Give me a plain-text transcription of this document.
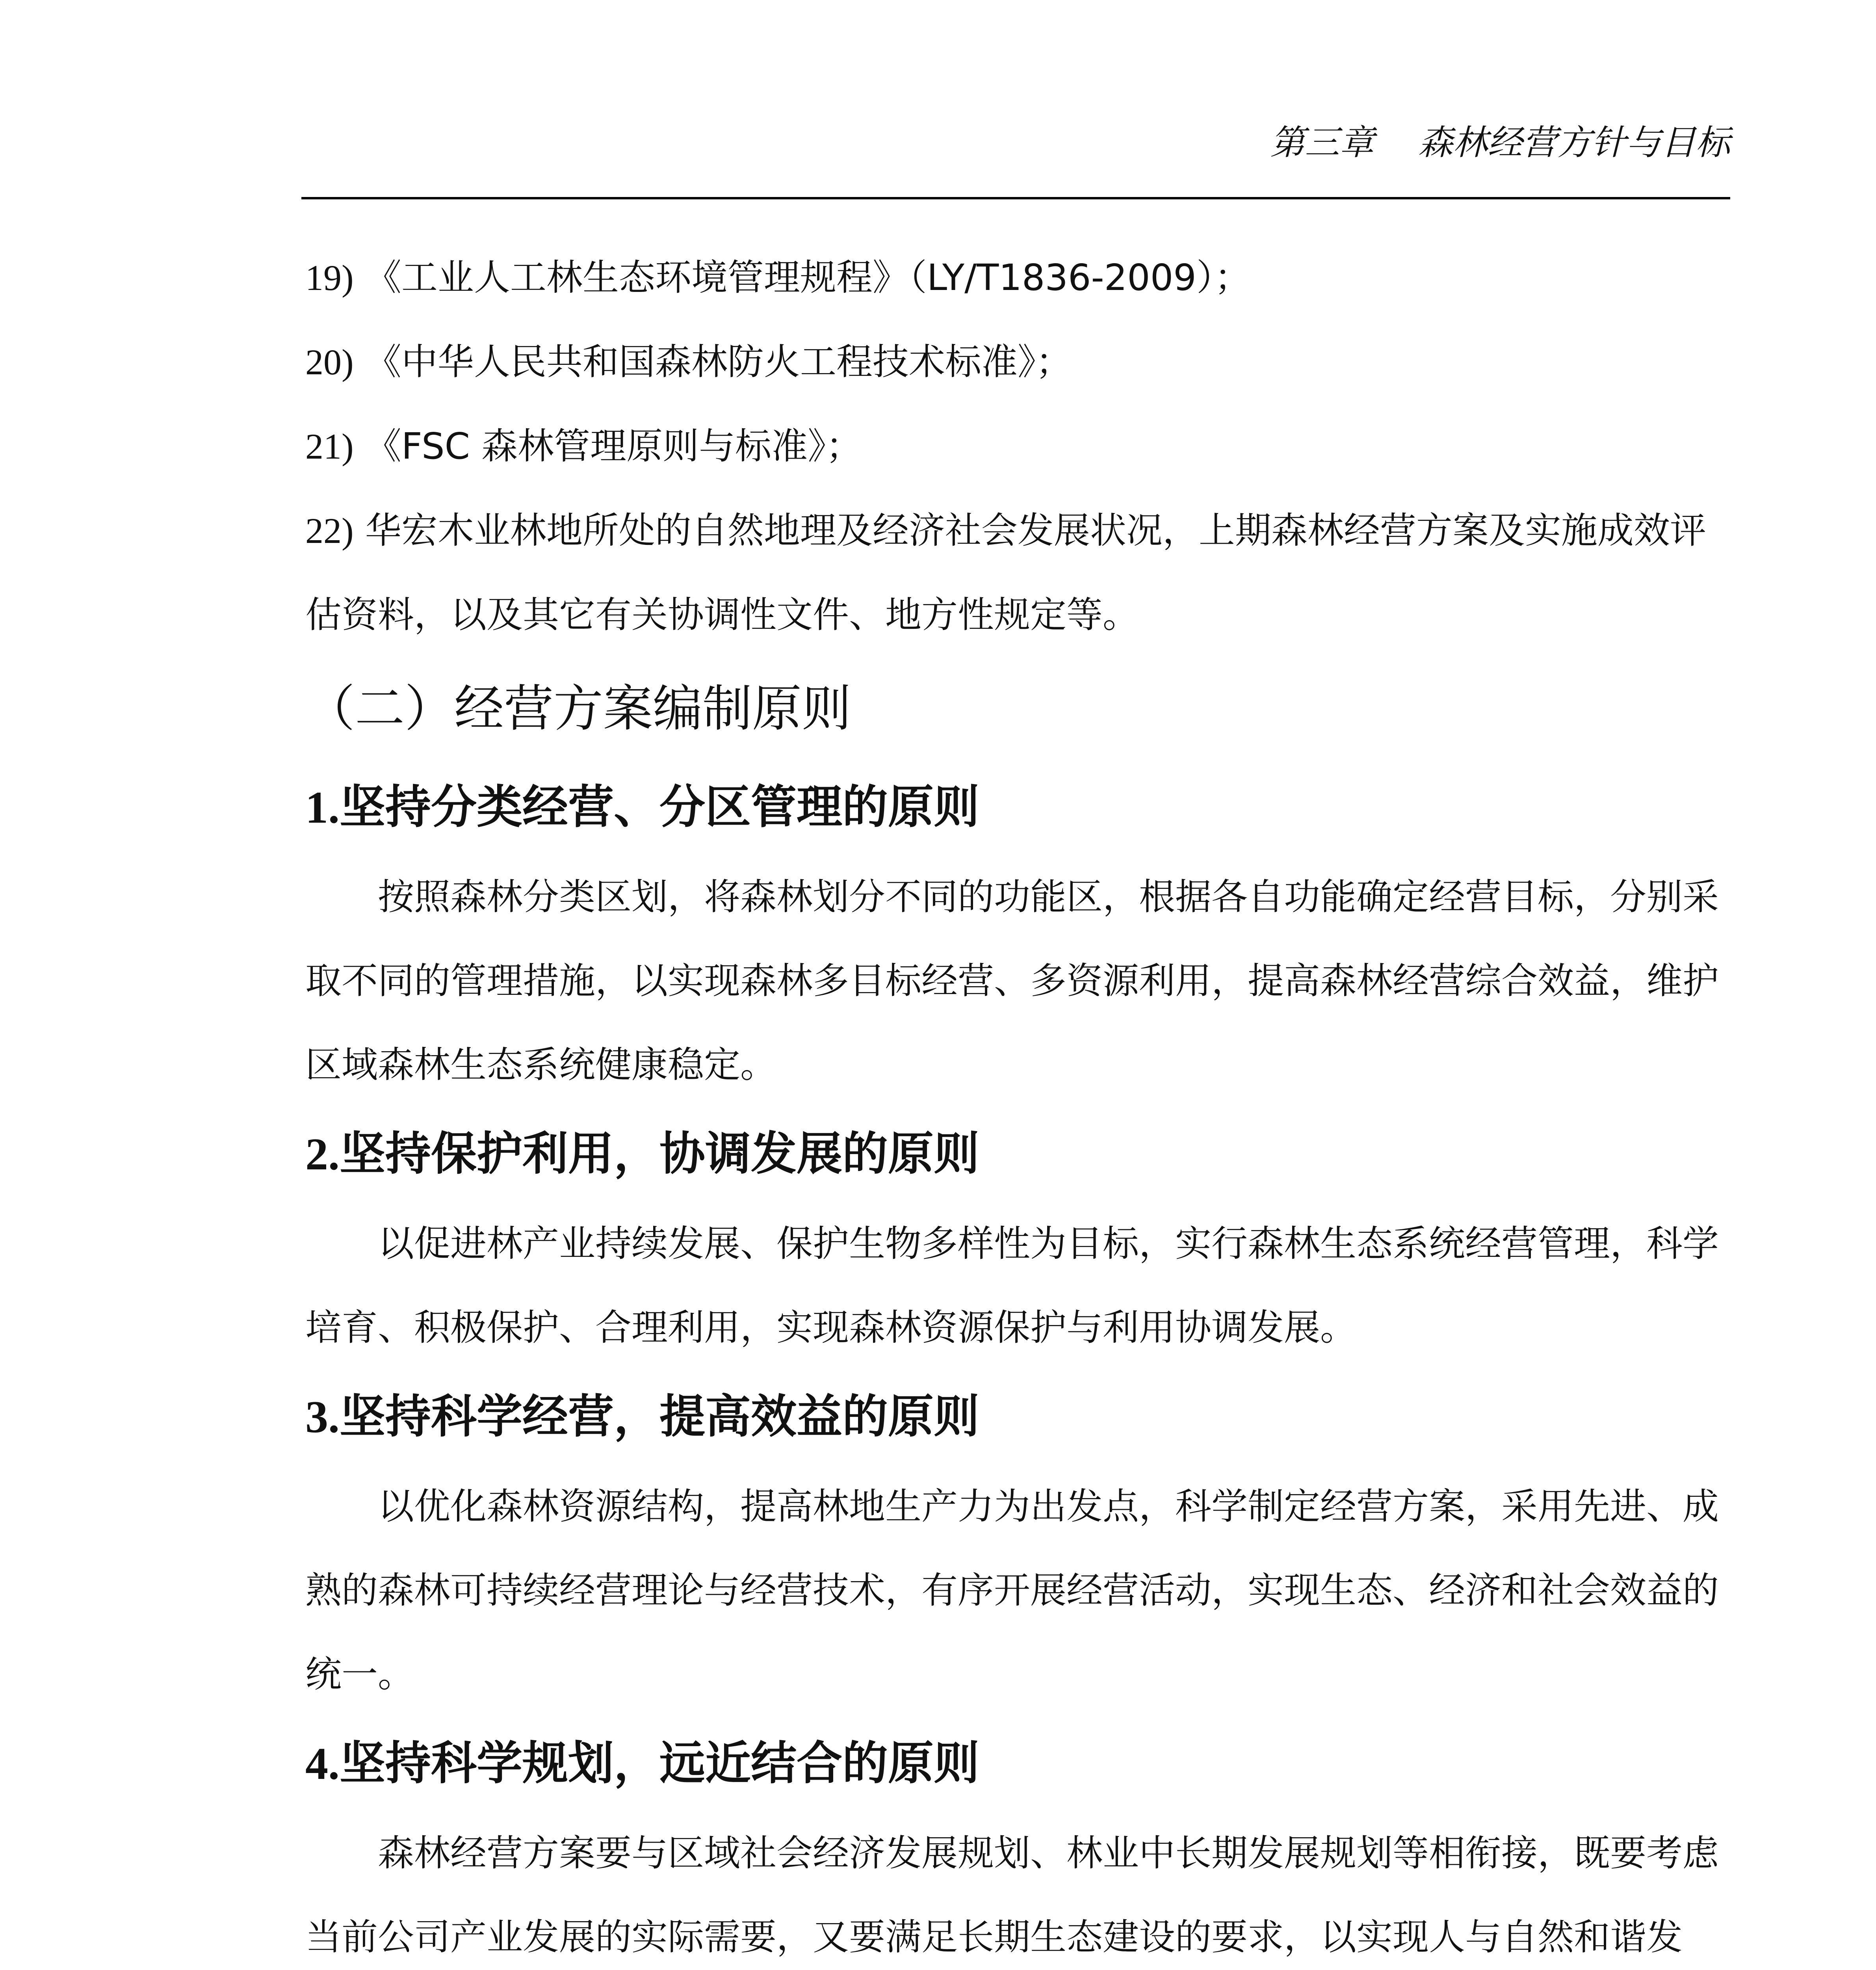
第三章    森林经营方针与目标

19) 《工业人工林生态环境管理规程》（LY/T1836-2009）；

20) 《中华人民共和国森林防火工程技术标准》；

21) 《FSC 森林管理原则与标准》；

22) 华宏木业林地所处的自然地理及经济社会发展状况，上期森林经营方案及实施成效评估资料，以及其它有关协调性文件、地方性规定等。

（二）经营方案编制原则
1.坚持分类经营、分区管理的原则

按照森林分类区划，将森林划分不同的功能区，根据各自功能确定经营目标，分别采取不同的管理措施，以实现森林多目标经营、多资源利用，提高森林经营综合效益，维护区域森林生态系统健康稳定。

2.坚持保护利用，协调发展的原则

以促进林产业持续发展、保护生物多样性为目标，实行森林生态系统经营管理，科学培育、积极保护、合理利用，实现森林资源保护与利用协调发展。

3.坚持科学经营，提高效益的原则

以优化森林资源结构，提高林地生产力为出发点，科学制定经营方案，采用先进、成熟的森林可持续经营理论与经营技术，有序开展经营活动，实现生态、经济和社会效益的统一。

4.坚持科学规划，远近结合的原则

森林经营方案要与区域社会经济发展规划、林业中长期发展规划等相衔接，既要考虑当前公司产业发展的实际需要，又要满足长期生态建设的要求，以实现人与自然和谐发
